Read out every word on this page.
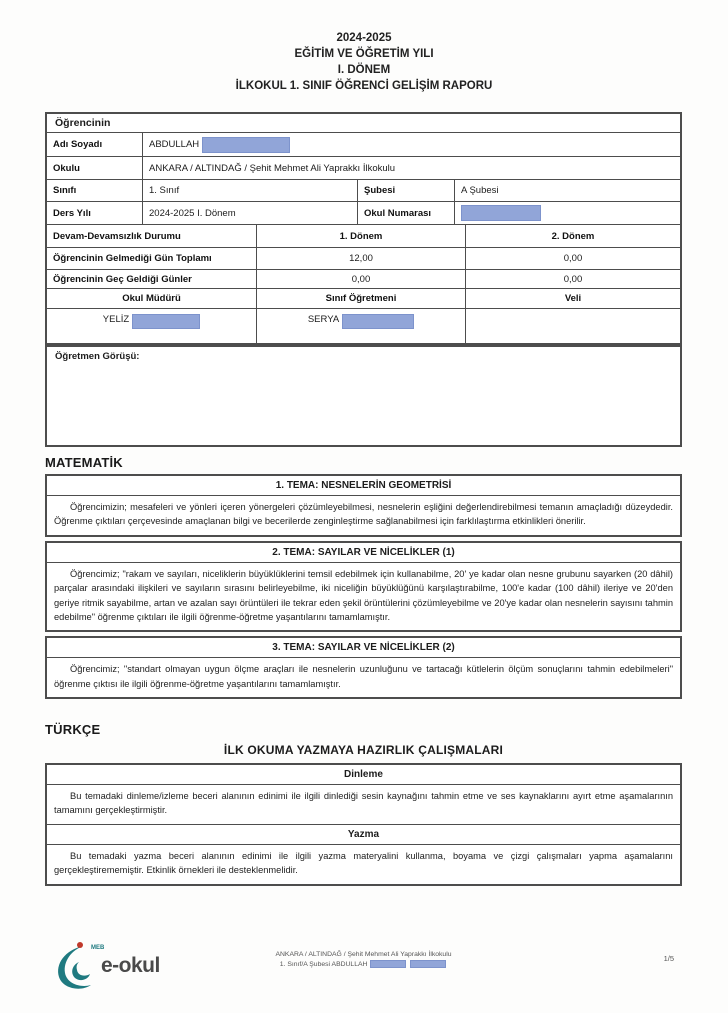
2024-2025
EĞİTİM VE ÖĞRETİM YILI
I. DÖNEM
İLKOKUL 1. SINIF ÖĞRENCİ GELİŞİM RAPORU
Öğrencinin
Adı Soyadı	ABDULLAH
Okulu	ANKARA / ALTINDAĞ / Şehit Mehmet Ali Yaprakkı İlkokulu
Sınıfı	1. Sınıf	Şubesi	A Şubesi
Ders Yılı	2024-2025 I. Dönem	Okul Numarası
Devam-Devamsızlık Durumu	1. Dönem	2. Dönem
Öğrencinin Gelmediği Gün Toplamı	12,00	0,00
Öğrencinin Geç Geldiği Günler	0,00	0,00
Okul Müdürü	Sınıf Öğretmeni	Veli
YELİZ	SERYA
Öğretmen Görüşü:
MATEMATİK
1. TEMA: NESNELERİN GEOMETRİSİ
Öğrencimizin; mesafeleri ve yönleri içeren yönergeleri çözümleyebilmesi, nesnelerin eşliğini değerlendirebilmesi temanın amaçladığı düzeydedir. Öğrenme çıktıları çerçevesinde amaçlanan bilgi ve becerilerde zenginleştirme sağlanabilmesi için farklılaştırma etkinlikleri önerilir.
2. TEMA: SAYILAR VE NİCELİKLER (1)
Öğrencimiz; "rakam ve sayıları, niceliklerin büyüklüklerini temsil edebilmek için kullanabilme, 20' ye kadar olan nesne grubunu sayarken (20 dâhil) parçalar arasındaki ilişkileri ve sayıların sırasını belirleyebilme, iki niceliğin büyüklüğünü karşılaştırabilme, 100'e kadar (100 dâhil) ileriye ve 20'den geriye ritmik sayabilme, artan ve azalan sayı örüntüleri ile tekrar eden şekil örüntülerini çözümleyebilme ve 20'ye kadar olan nesnelerin sayısını tahmin edebilme" öğrenme çıktıları ile ilgili öğrenme-öğretme yaşantılarını tamamlamıştır.
3. TEMA: SAYILAR VE NİCELİKLER (2)
Öğrencimiz; "standart olmayan uygun ölçme araçları ile nesnelerin uzunluğunu ve tartacağı kütlelerin ölçüm sonuçlarını tahmin edebilmeleri" öğrenme çıktısı ile ilgili öğrenme-öğretme yaşantılarını tamamlamıştır.
TÜRKÇE
İLK OKUMA YAZMAYA HAZIRLIK ÇALIŞMALARI
Dinleme
Bu temadaki dinleme/izleme beceri alanının edinimi ile ilgili dinlediği sesin kaynağını tahmin etme ve ses kaynaklarını ayırt etme aşamalarının tamamını gerçekleştirmiştir.
Yazma
Bu temadaki yazma beceri alanının edinimi ile ilgili yazma materyalini kullanma, boyama ve çizgi çalışmaları yapma aşamalarını gerçekleştirememiştir. Etkinlik örnekleri ile desteklenmelidir.
MEB
e-okul	ANKARA / ALTINDAĞ / Şehit Mehmet Ali Yaprakkı İlkokulu
1. Sınıf/A Şubesi ABDULLAH
1/5
